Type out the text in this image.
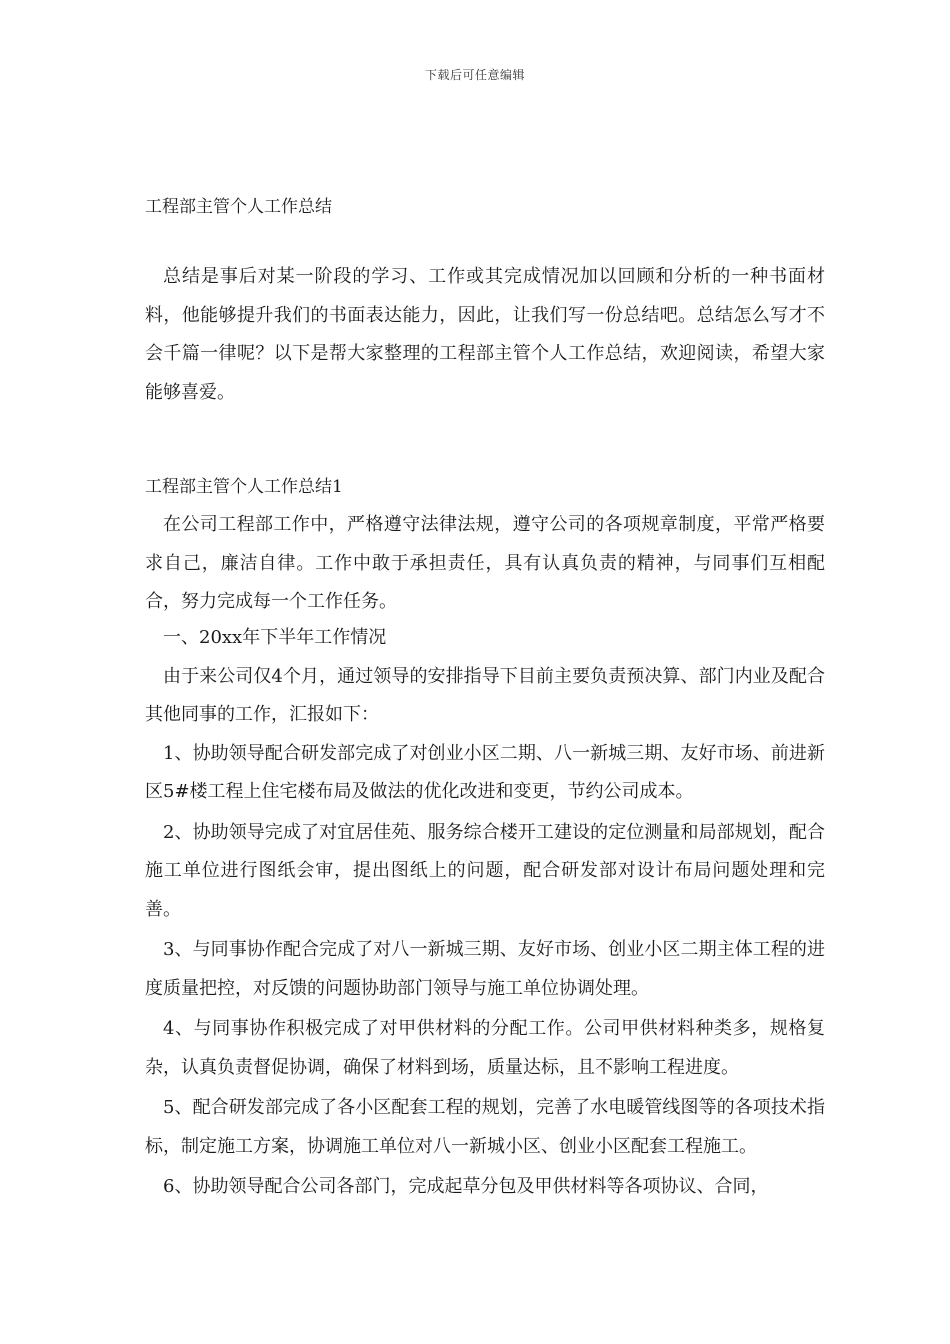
下载后可任意编辑
工程部主管个人工作总结

总结是事后对某一阶段的学习、工作或其完成情况加以回顾和分析的一种书面材料，他能够提升我们的书面表达能力，因此，让我们写一份总结吧。总结怎么写才不会千篇一律呢？以下是帮大家整理的工程部主管个人工作总结，欢迎阅读，希望大家能够喜爱。

工程部主管个人工作总结1

在公司工程部工作中，严格遵守法律法规，遵守公司的各项规章制度，平常严格要求自己，廉洁自律。工作中敢于承担责任，具有认真负责的精神，与同事们互相配合，努力完成每一个工作任务。

一、20xx年下半年工作情况

由于来公司仅4个月，通过领导的安排指导下目前主要负责预决算、部门内业及配合其他同事的工作，汇报如下：

1、协助领导配合研发部完成了对创业小区二期、八一新城三期、友好市场、前进新区5#楼工程上住宅楼布局及做法的优化改进和变更，节约公司成本。

2、协助领导完成了对宜居佳苑、服务综合楼开工建设的定位测量和局部规划，配合施工单位进行图纸会审，提出图纸上的问题，配合研发部对设计布局问题处理和完善。

3、与同事协作配合完成了对八一新城三期、友好市场、创业小区二期主体工程的进度质量把控，对反馈的问题协助部门领导与施工单位协调处理。

4、与同事协作积极完成了对甲供材料的分配工作。公司甲供材料种类多，规格复杂，认真负责督促协调，确保了材料到场，质量达标，且不影响工程进度。

5、配合研发部完成了各小区配套工程的规划，完善了水电暖管线图等的各项技术指标，制定施工方案，协调施工单位对八一新城小区、创业小区配套工程施工。

6、协助领导配合公司各部门，完成起草分包及甲供材料等各项协议、合同，
